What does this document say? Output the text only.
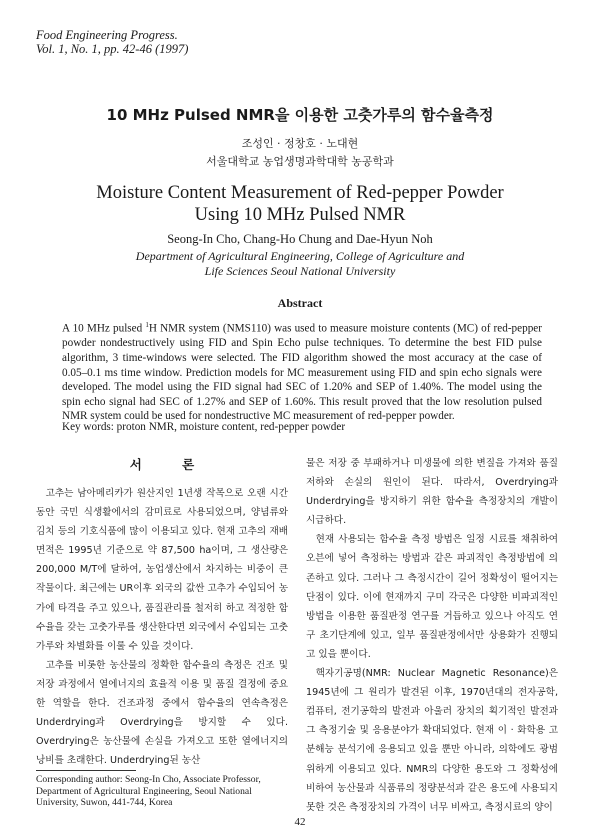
Food Engineering Progress.
Vol. 1, No. 1, pp. 42-46 (1997)
10 MHz Pulsed NMR을 이용한 고춧가루의 함수율측정
조성인 · 정창호 · 노대현
서울대학교 농업생명과학대학 농공학과
Moisture Content Measurement of Red-pepper Powder
Using 10 MHz Pulsed NMR
Seong-In Cho, Chang-Ho Chung and Dae-Hyun Noh
Department of Agricultural Engineering, College of Agriculture and
Life Sciences Seoul National University
Abstract
A 10 MHz pulsed $^1$H NMR system (NMS110) was used to measure moisture contents (MC) of red-pepper powder nondestructively using FID and Spin Echo pulse techniques. To determine the best FID pulse algorithm, 3 time-windows were selected. The FID algorithm showed the most accuracy at the case of 0.05–0.1 ms time window. Prediction models for MC measurement using FID and spin echo signals were developed. The model using the FID signal had SEC of 1.20% and SEP of 1.40%. The model using the spin echo signal had SEC of 1.27% and SEP of 1.60%. This result proved that the low resolution pulsed NMR system could be used for nondestructive MC measurement of red-pepper powder.
Key words: proton NMR, moisture content, red-pepper powder
서 론

고추는 남아메리카가 원산지인 1년생 작목으로 오랜 시간동안 국민 식생활에서의 감미료로 사용되었으며, 양념류와 김치 등의 기호식품에 많이 이용되고 있다. 현재 고추의 재배면적은 1995년 기준으로 약 87,500 ha이며, 그 생산량은 200,000 M/T에 달하여, 농업생산에서 차지하는 비중이 큰 작물이다. 최근에는 UR이후 외국의 값싼 고추가 수입되어 농가에 타격을 주고 있으나, 품질관리를 철저히 하고 적정한 함수율을 갖는 고춧가루를 생산한다면 외국에서 수입되는 고춧가루와 차별화를 이룰 수 있을 것이다.

고추를 비롯한 농산물의 정확한 함수율의 측정은 건조 및 저장 과정에서 열에너지의 효율적 이용 및 품질 결정에 중요한 역할을 한다. 건조과정 중에서 함수율의 연속측정은 Underdrying과 Overdrying을 방지할 수 있다. Overdrying은 농산물에 손실을 가져오고 또한 열에너지의 낭비를 초래한다. Underdrying된 농산

물은 저장 중 부패하거나 미생물에 의한 변질을 가져와 품질저하와 손실의 원인이 된다. 따라서, Overdrying과 Underdrying을 방지하기 위한 함수율 측정장치의 개발이 시급하다.

현재 사용되는 함수율 측정 방법은 일정 시료를 채취하여 오븐에 넣어 측정하는 방법과 같은 파괴적인 측정방법에 의존하고 있다. 그러나 그 측정시간이 길어 정확성이 떨어지는 단점이 있다. 이에 현재까지 구미 각국은 다양한 비파괴적인 방법을 이용한 품질판정 연구를 거듭하고 있으나 아직도 연구 초기단계에 있고, 일부 품질판정에서만 상용화가 진행되고 있을 뿐이다.

핵자기공명(NMR: Nuclear Magnetic Resonance)은 1945년에 그 원리가 발견된 이후, 1970년대의 전자공학, 컴퓨터, 전기공학의 발전과 아울러 장치의 획기적인 발전과 그 측정기술 및 응용분야가 확대되었다. 현재 이 · 화학용 고분해능 분석기에 응용되고 있을 뿐만 아니라, 의학에도 광범위하게 이용되고 있다. NMR의 다양한 용도와 그 정확성에 비하여 농산물과 식품류의 정량분석과 같은 용도에 사용되지 못한 것은 측정장치의 가격이 너무 비싸고, 측정시료의 양이

Corresponding author: Seong-In Cho, Associate Professor,
Department of Agricultural Engineering, Seoul National
University, Suwon, 441-744, Korea
42
